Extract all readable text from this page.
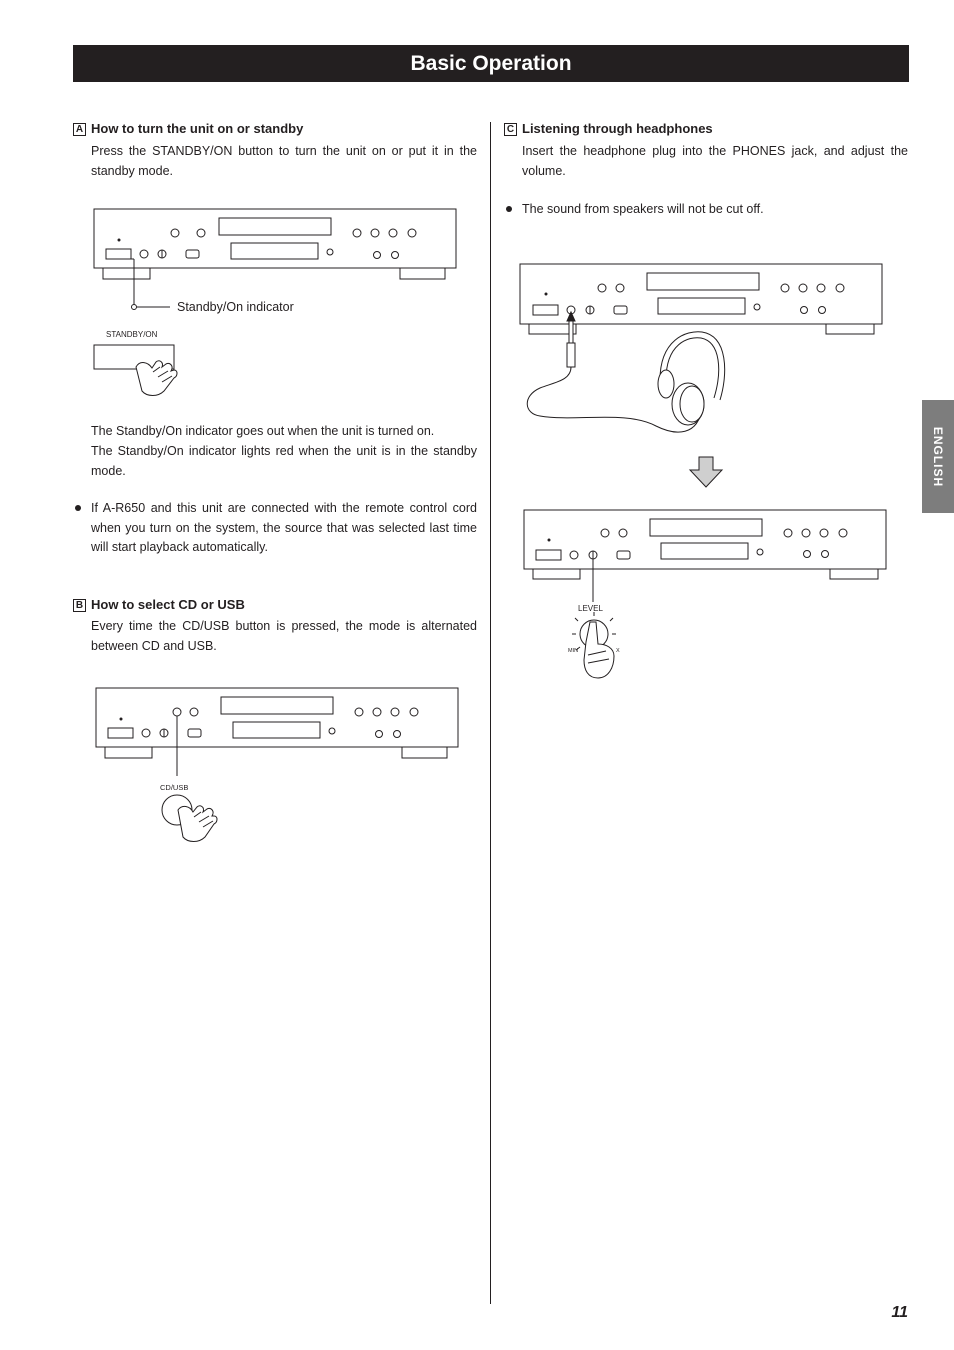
Basic Operation
A How to turn the unit on or standby
Press the STANDBY/ON button to turn the unit on or put it in the standby mode.
Standby/On indicator
STANDBY/ON
The Standby/On indicator goes out when the unit is turned on.
The Standby/On indicator lights red when the unit is in the standby mode.
If A-R650 and this unit are connected with the remote control cord when you turn on the system, the source that was selected last time will start playback automatically.
B How to select CD or USB
Every time the CD/USB button is pressed, the mode is alternated between CD and USB.
CD/USB
C Listening through headphones
Insert the headphone plug into the PHONES jack, and adjust the volume.
The sound from speakers will not be cut off.
LEVEL
MIN	X
ENGLISH
11
